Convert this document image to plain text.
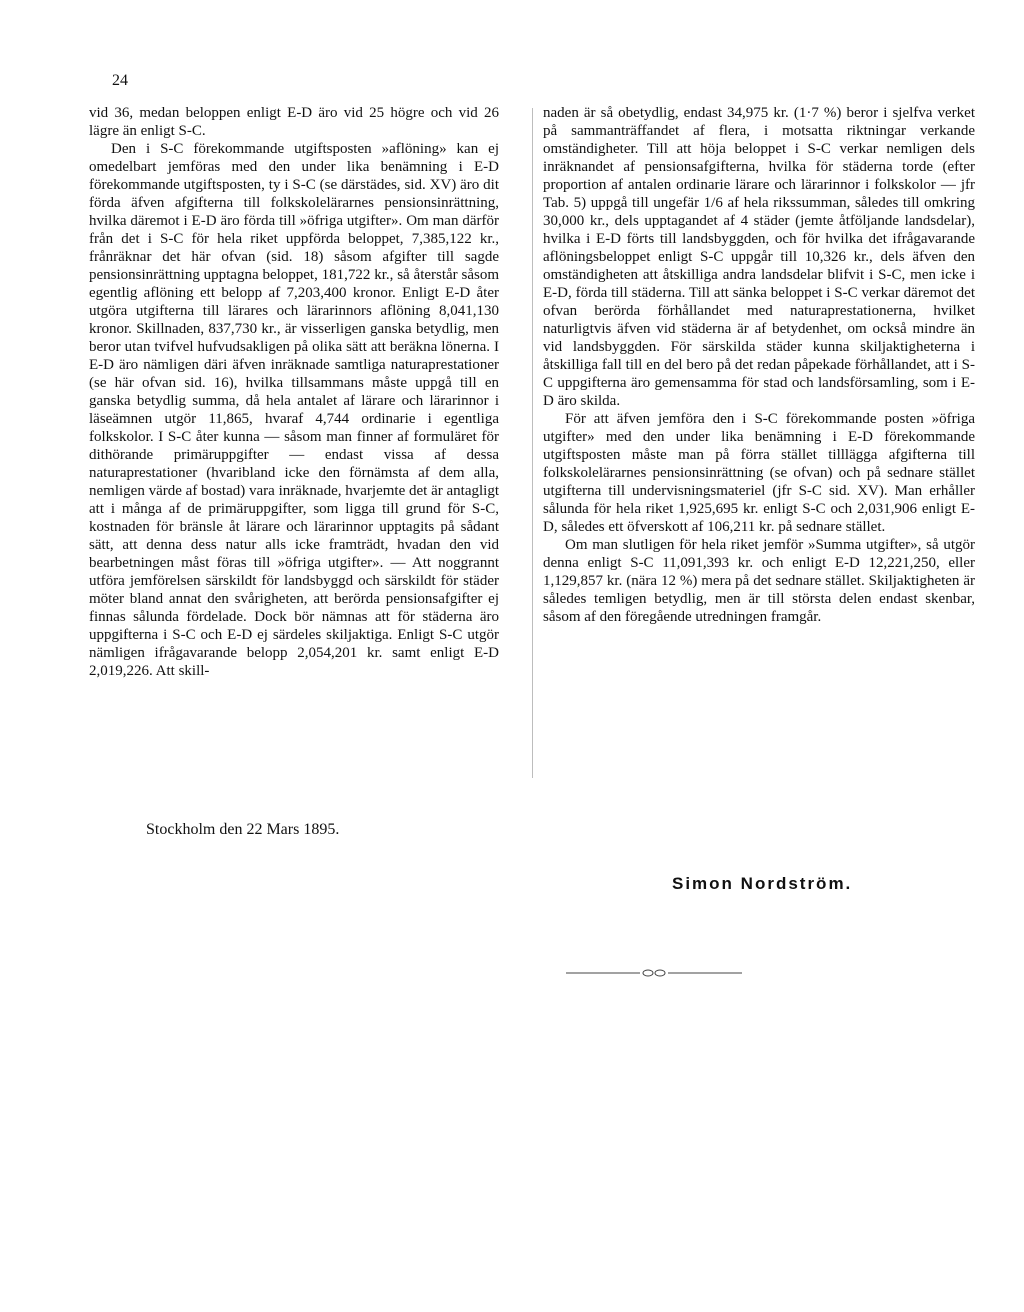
24

vid 36, medan beloppen enligt E-D äro vid 25 högre och vid 26 lägre än enligt S-C.

Den i S-C förekommande utgiftsposten »aflöning» kan ej omedelbart jemföras med den under lika benämning i E-D förekommande utgiftsposten, ty i S-C (se därstädes, sid. XV) äro dit förda äfven afgifterna till folkskolelärarnes pensionsinrättning, hvilka däremot i E-D äro förda till »öfriga utgifter». Om man därför från det i S-C för hela riket uppförda beloppet, 7,385,122 kr., frånräknar det här ofvan (sid. 18) såsom afgifter till sagde pensionsinrättning upptagna beloppet, 181,722 kr., så återstår såsom egentlig aflöning ett belopp af 7,203,400 kronor. Enligt E-D åter utgöra utgifterna till lärares och lärarinnors aflöning 8,041,130 kronor. Skillnaden, 837,730 kr., är visserligen ganska betydlig, men beror utan tvifvel hufvudsakligen på olika sätt att beräkna lönerna. I E-D äro nämligen däri äfven inräknade samtliga naturaprestationer (se här ofvan sid. 16), hvilka tillsammans måste uppgå till en ganska betydlig summa, då hela antalet af lärare och lärarinnor i läseämnen utgör 11,865, hvaraf 4,744 ordinarie i egentliga folkskolor. I S-C åter kunna — såsom man finner af formuläret för dithörande primäruppgifter — endast vissa af dessa naturaprestationer (hvaribland icke den förnämsta af dem alla, nemligen värde af bostad) vara inräknade, hvarjemte det är antagligt att i många af de primäruppgifter, som ligga till grund för S-C, kostnaden för bränsle åt lärare och lärarinnor upptagits på sådant sätt, att denna dess natur alls icke framträdt, hvadan den vid bearbetningen måst föras till »öfriga utgifter». — Att noggrannt utföra jemförelsen särskildt för landsbyggd och särskildt för städer möter bland annat den svårigheten, att berörda pensionsafgifter ej finnas sålunda fördelade. Dock bör nämnas att för städerna äro uppgifterna i S-C och E-D ej särdeles skiljaktiga. Enligt S-C utgör nämligen ifrågavarande belopp 2,054,201 kr. samt enligt E-D 2,019,226. Att skill-

naden är så obetydlig, endast 34,975 kr. (1·7 %) beror i sjelfva verket på sammanträffandet af flera, i motsatta riktningar verkande omständigheter. Till att höja beloppet i S-C verkar nemligen dels inräknandet af pensionsafgifterna, hvilka för städerna torde (efter proportion af antalen ordinarie lärare och lärarinnor i folkskolor — jfr Tab. 5) uppgå till ungefär 1/6 af hela rikssumman, således till omkring 30,000 kr., dels upptagandet af 4 städer (jemte åtföljande landsdelar), hvilka i E-D förts till landsbyggden, och för hvilka det ifrågavarande aflöningsbeloppet enligt S-C uppgår till 10,326 kr., dels äfven den omständigheten att åtskilliga andra landsdelar blifvit i S-C, men icke i E-D, förda till städerna. Till att sänka beloppet i S-C verkar däremot det ofvan berörda förhållandet med naturaprestationerna, hvilket naturligtvis äfven vid städerna är af betydenhet, om också mindre än vid landsbyggden. För särskilda städer kunna skiljaktigheterna i åtskilliga fall till en del bero på det redan påpekade förhållandet, att i S-C uppgifterna äro gemensamma för stad och landsförsamling, som i E-D äro skilda.

För att äfven jemföra den i S-C förekommande posten »öfriga utgifter» med den under lika benämning i E-D förekommande utgiftsposten måste man på förra stället tilllägga afgifterna till folkskolelärarnes pensionsinrättning (se ofvan) och på sednare stället utgifterna till undervisningsmateriel (jfr S-C sid. XV). Man erhåller sålunda för hela riket 1,925,695 kr. enligt S-C och 2,031,906 enligt E-D, således ett öfverskott af 106,211 kr. på sednare stället.

Om man slutligen för hela riket jemför »Summa utgifter», så utgör denna enligt S-C 11,091,393 kr. och enligt E-D 12,221,250, eller 1,129,857 kr. (nära 12 %) mera på det sednare stället. Skiljaktigheten är således temligen betydlig, men är till största delen endast skenbar, såsom af den föregående utredningen framgår.

Stockholm den 22 Mars 1895.
Simon Nordström.
